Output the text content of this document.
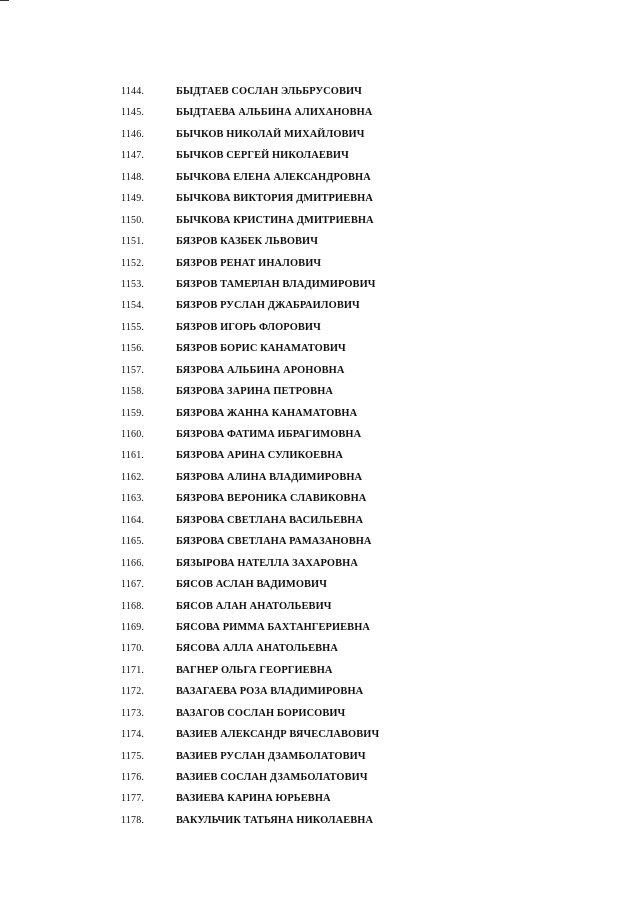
1144.	БЫДТАЕВ СОСЛАН ЭЛЬБРУСОВИЧ
1145.	БЫДТАЕВА АЛЬБИНА АЛИХАНОВНА
1146.	БЫЧКОВ НИКОЛАЙ МИХАЙЛОВИЧ
1147.	БЫЧКОВ СЕРГЕЙ НИКОЛАЕВИЧ
1148.	БЫЧКОВА ЕЛЕНА АЛЕКСАНДРОВНА
1149.	БЫЧКОВА ВИКТОРИЯ ДМИТРИЕВНА
1150.	БЫЧКОВА КРИСТИНА ДМИТРИЕВНА
1151.	БЯЗРОВ КАЗБЕК ЛЬВОВИЧ
1152.	БЯЗРОВ РЕНАТ ИНАЛОВИЧ
1153.	БЯЗРОВ ТАМЕРЛАН ВЛАДИМИРОВИЧ
1154.	БЯЗРОВ РУСЛАН ДЖАБРАИЛОВИЧ
1155.	БЯЗРОВ ИГОРЬ ФЛОРОВИЧ
1156.	БЯЗРОВ БОРИС КАНАМАТОВИЧ
1157.	БЯЗРОВА АЛЬБИНА АРОНОВНА
1158.	БЯЗРОВА ЗАРИНА ПЕТРОВНА
1159.	БЯЗРОВА ЖАННА КАНАМАТОВНА
1160.	БЯЗРОВА ФАТИМА ИБРАГИМОВНА
1161.	БЯЗРОВА АРИНА СУЛИКОЕВНА
1162.	БЯЗРОВА АЛИНА ВЛАДИМИРОВНА
1163.	БЯЗРОВА ВЕРОНИКА СЛАВИКОВНА
1164.	БЯЗРОВА СВЕТЛАНА ВАСИЛЬЕВНА
1165.	БЯЗРОВА СВЕТЛАНА РАМАЗАНОВНА
1166.	БЯЗЫРОВА НАТЕЛЛА ЗАХАРОВНА
1167.	БЯСОВ АСЛАН ВАДИМОВИЧ
1168.	БЯСОВ АЛАН АНАТОЛЬЕВИЧ
1169.	БЯСОВА РИММА БАХТАНГЕРИЕВНА
1170.	БЯСОВА АЛЛА АНАТОЛЬЕВНА
1171.	ВАГНЕР ОЛЬГА ГЕОРГИЕВНА
1172.	ВАЗАГАЕВА РОЗА ВЛАДИМИРОВНА
1173.	ВАЗАГОВ СОСЛАН БОРИСОВИЧ
1174.	ВАЗИЕВ АЛЕКСАНДР ВЯЧЕСЛАВОВИЧ
1175.	ВАЗИЕВ РУСЛАН ДЗАМБОЛАТОВИЧ
1176.	ВАЗИЕВ СОСЛАН ДЗАМБОЛАТОВИЧ
1177.	ВАЗИЕВА КАРИНА ЮРЬЕВНА
1178.	ВАКУЛЬЧИК ТАТЬЯНА НИКОЛАЕВНА
